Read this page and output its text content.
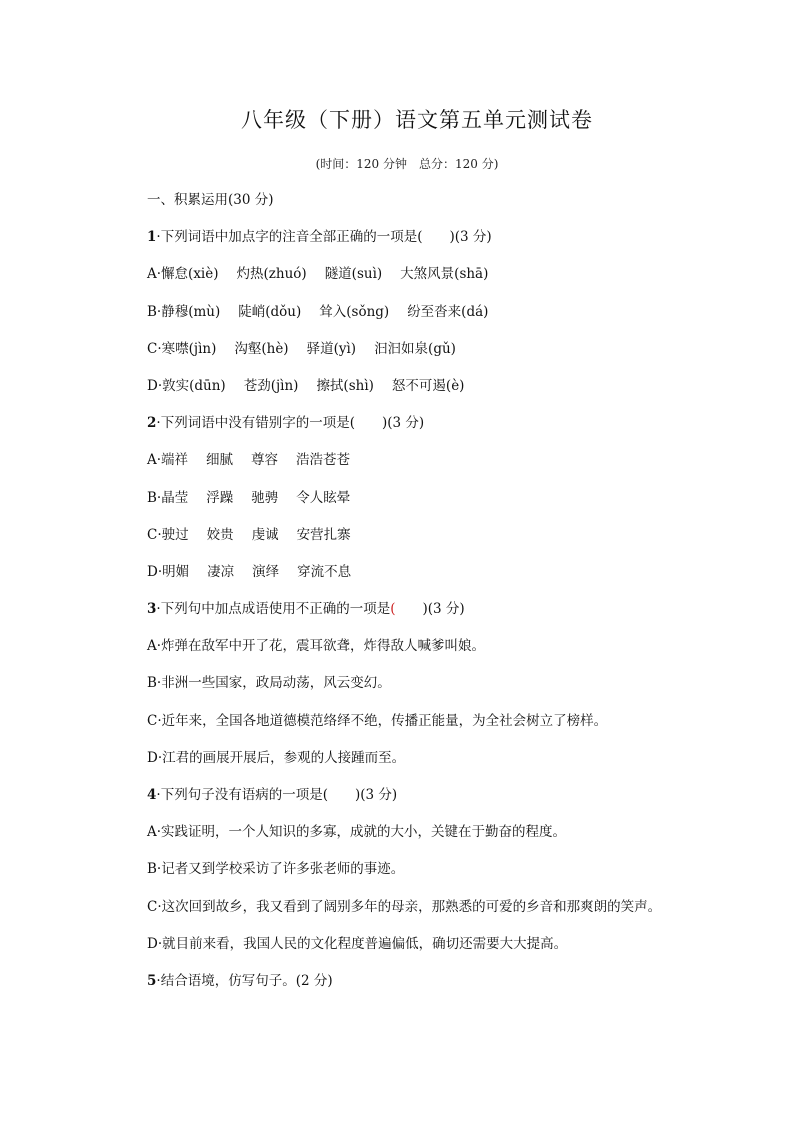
八年级（下册）语文第五单元测试卷
(时间：120 分钟　总分：120 分)
一、积累运用(30 分)
1·下列词语中加点字的注音全部正确的一项是(　　)(3 分)
A·懈怠(xiè) 灼热(zhuó) 隧道(suì) 大煞风景(shā)
B·静穆(mù) 陡峭(dǒu) 耸入(sǒng) 纷至沓来(dá)
C·寒噤(jìn) 沟壑(hè) 驿道(yì) 汩汩如泉(gǔ)
D·敦实(dūn) 苍劲(jìn) 擦拭(shì) 怒不可遏(è)
2·下列词语中没有错别字的一项是(　　)(3 分)
A·端祥 细腻 尊容 浩浩苍苍
B·晶莹 浮躁 驰骋 令人眩晕
C·驶过 姣贵 虔诚 安营扎寨
D·明媚 凄凉 演绎 穿流不息
3·下列句中加点成语使用不正确的一项是(　　)(3 分)
A·炸弹在敌军中开了花，震耳欲聋，炸得敌人喊爹叫娘。
B·非洲一些国家，政局动荡，风云变幻。
C·近年来，全国各地道德模范络绎不绝，传播正能量，为全社会树立了榜样。
D·江君的画展开展后，参观的人接踵而至。
4·下列句子没有语病的一项是(　　)(3 分)
A·实践证明，一个人知识的多寡，成就的大小，关键在于勤奋的程度。
B·记者又到学校采访了许多张老师的事迹。
C·这次回到故乡，我又看到了阔别多年的母亲，那熟悉的可爱的乡音和那爽朗的笑声。
D·就目前来看，我国人民的文化程度普遍偏低，确切还需要大大提高。
5·结合语境，仿写句子。(2 分)
